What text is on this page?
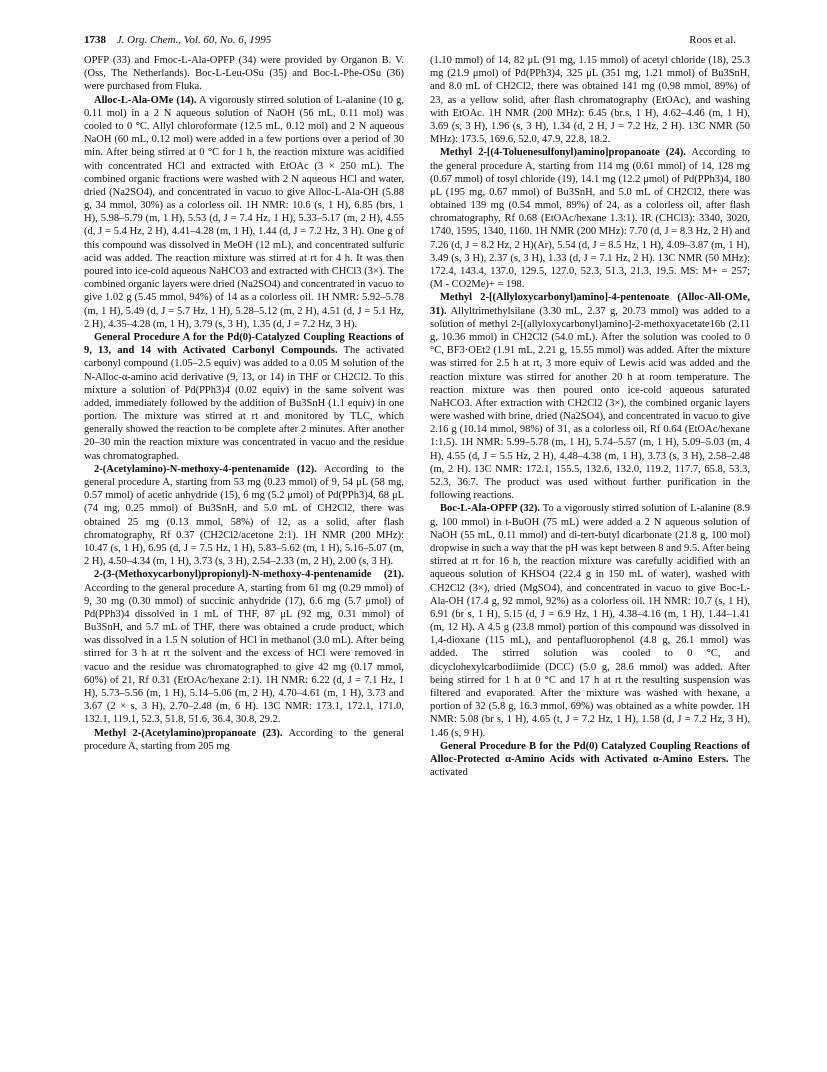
1738 J. Org. Chem., Vol. 60, No. 6, 1995	Roos et al.

OPFP (33) and Fmoc-L-Ala-OPFP (34) were provided by Organon B. V. (Oss, The Netherlands). Boc-L-Leu-OSu (35) and Boc-L-Phe-OSu (36) were purchased from Fluka.

Alloc-L-Ala-OMe (14). A vigorously stirred solution of L-alanine (10 g, 0.11 mol) in a 2 N aqueous solution of NaOH (56 mL, 0.11 mol) was cooled to 0 °C. Allyl chloroformate (12.5 mL, 0.12 mol) and 2 N aqueous NaOH (60 mL, 0.12 mol) were added in a few portions over a period of 30 min. After being stirred at 0 °C for 1 h, the reaction mixture was acidified with concentrated HCl and extracted with EtOAc (3 × 250 mL). The combined organic fractions were washed with 2 N aqueous HCl and water, dried (Na2SO4), and concentrated in vacuo to give Alloc-L-Ala-OH (5.88 g, 34 mmol, 30%) as a colorless oil. 1H NMR: 10.6 (s, 1 H), 6.85 (brs, 1 H), 5.98–5.79 (m, 1 H), 5.53 (d, J = 7.4 Hz, 1 H), 5.33–5.17 (m, 2 H), 4.55 (d, J = 5.4 Hz, 2 H), 4.41–4.28 (m, 1 H), 1.44 (d, J = 7.2 Hz, 3 H). One g of this compound was dissolved in MeOH (12 mL), and concentrated sulfuric acid was added. The reaction mixture was stirred at rt for 4 h. It was then poured into ice-cold aqueous NaHCO3 and extracted with CHCl3 (3×). The combined organic layers were dried (Na2SO4) and concentrated in vacuo to give 1.02 g (5.45 mmol, 94%) of 14 as a colorless oil. 1H NMR: 5.92–5.78 (m, 1 H), 5.49 (d, J = 5.7 Hz, 1 H), 5.28–5.12 (m, 2 H), 4.51 (d, J = 5.1 Hz, 2 H), 4.35–4.28 (m, 1 H), 3.79 (s, 3 H), 1.35 (d, J = 7.2 Hz, 3 H).

General Procedure A for the Pd(0)-Catalyzed Coupling Reactions of 9, 13, and 14 with Activated Carbonyl Compounds. The activated carbonyl compound (1.05–2.5 equiv) was added to a 0.05 M solution of the N-Alloc-α-amino acid derivative (9, 13, or 14) in THF or CH2Cl2. To this mixture a solution of Pd(PPh3)4 (0.02 equiv) in the same solvent was added, immediately followed by the addition of Bu3SnH (1.1 equiv) in one portion. The mixture was stirred at rt and monitored by TLC, which generally showed the reaction to be complete after 2 minutes. After another 20–30 min the reaction mixture was concentrated in vacuo and the residue was chromatographed.

2-(Acetylamino)-N-methoxy-4-pentenamide (12). According to the general procedure A, starting from 53 mg (0.23 mmol) of 9, 54 μL (58 mg, 0.57 mmol) of acetic anhydride (15), 6 mg (5.2 μmol) of Pd(PPh3)4, 68 μL (74 mg, 0.25 mmol) of Bu3SnH, and 5.0 mL of CH2Cl2, there was obtained 25 mg (0.13 mmol, 58%) of 12, as a solid, after flash chromatography, Rf 0.37 (CH2Cl2/acetone 2:1). 1H NMR (200 MHz): 10.47 (s, 1 H), 6.95 (d, J = 7.5 Hz, 1 H), 5.83–5.62 (m, 1 H), 5.16–5.07 (m, 2 H), 4.50–4.34 (m, 1 H), 3.73 (s, 3 H), 2.54–2.33 (m, 2 H), 2.00 (s, 3 H).

2-(3-(Methoxycarbonyl)propionyl)-N-methoxy-4-pentenamide (21). According to the general procedure A, starting from 61 mg (0.29 mmol) of 9, 30 mg (0.30 mmol) of succinic anhydride (17), 6.6 mg (5.7 μmol) of Pd(PPh3)4 dissolved in 1 mL of THF, 87 μL (92 mg, 0.31 mmol) of Bu3SnH, and 5.7 mL of THF, there was obtained a crude product, which was dissolved in a 1.5 N solution of HCl in methanol (3.0 mL). After being stirred for 3 h at rt the solvent and the excess of HCl were removed in vacuo and the residue was chromatographed to give 42 mg (0.17 mmol, 60%) of 21, Rf 0.31 (EtOAc/hexane 2:1). 1H NMR: 6.22 (d, J = 7.1 Hz, 1 H), 5.73–5.56 (m, 1 H), 5.14–5.06 (m, 2 H), 4.70–4.61 (m, 1 H), 3.73 and 3.67 (2 × s, 3 H), 2.70–2.48 (m, 6 H). 13C NMR: 173.1, 172.1, 171.0, 132.1, 119.1, 52.3, 51.8, 51.6, 36.4, 30.8, 29.2.

Methyl 2-(Acetylamino)propanoate (23). According to the general procedure A, starting from 205 mg

(1.10 mmol) of 14, 82 μL (91 mg, 1.15 mmol) of acetyl chloride (18), 25.3 mg (21.9 μmol) of Pd(PPh3)4, 325 μL (351 mg, 1.21 mmol) of Bu3SnH, and 8.0 mL of CH2Cl2, there was obtained 141 mg (0.98 mmol, 89%) of 23, as a yellow solid, after flash chromatography (EtOAc), and washing with EtOAc. 1H NMR (200 MHz): 6.45 (br.s, 1 H), 4.62–4.46 (m, 1 H), 3.69 (s, 3 H), 1.96 (s, 3 H), 1.34 (d, 2 H, J = 7.2 Hz, 2 H). 13C NMR (50 MHz): 173.5, 169.6, 52.0, 47.9, 22.8, 18.2.

Methyl 2-[(4-Toluenesulfonyl)amino]propanoate (24). According to the general procedure A, starting from 114 mg (0.61 mmol) of 14, 128 mg (0.67 mmol) of tosyl chloride (19), 14.1 mg (12.2 μmol) of Pd(PPh3)4, 180 μL (195 mg, 0.67 mmol) of Bu3SnH, and 5.0 mL of CH2Cl2, there was obtained 139 mg (0.54 mmol, 89%) of 24, as a colorless oil, after flash chromatography, Rf 0.68 (EtOAc/hexane 1.3:1). IR (CHCl3): 3340, 3020, 1740, 1595, 1340, 1160. 1H NMR (200 MHz): 7.70 (d, J = 8.3 Hz, 2 H) and 7.26 (d, J = 8.2 Hz, 2 H)(Ar), 5.54 (d, J = 8.5 Hz, 1 H), 4.09–3.87 (m, 1 H), 3.49 (s, 3 H), 2.37 (s, 3 H), 1.33 (d, J = 7.1 Hz, 2 H). 13C NMR (50 MHz): 172.4, 143.4, 137.0, 129.5, 127.0, 52.3, 51.3, 21.3, 19.5. MS: M+ = 257; (M - CO2Me)+ = 198.

Methyl 2-[(Allyloxycarbonyl)amino]-4-pentenoate (Alloc-All-OMe, 31). Allyltrimethylsilane (3.30 mL, 2.37 g, 20.73 mmol) was added to a solution of methyl 2-[(allyloxycarbonyl)amino]-2-methoxyacetate16b (2.11 g, 10.36 mmol) in CH2Cl2 (54.0 mL). After the solution was cooled to 0 °C, BF3·OEt2 (1.91 mL, 2.21 g, 15.55 mmol) was added. After the mixture was stirred for 2.5 h at rt, 3 more equiv of Lewis acid was added and the reaction mixture was stirred for another 20 h at room temperature. The reaction mixture was then poured onto ice-cold aqueous saturated NaHCO3. After extraction with CH2Cl2 (3×), the combined organic layers were washed with brine, dried (Na2SO4), and concentrated in vacuo to give 2.16 g (10.14 mmol, 98%) of 31, as a colorless oil, Rf 0.64 (EtOAc/hexane 1:1.5). 1H NMR: 5.99–5.78 (m, 1 H), 5.74–5.57 (m, 1 H), 5.09–5.03 (m, 4 H), 4.55 (d, J = 5.5 Hz, 2 H), 4.48–4.38 (m, 1 H), 3.73 (s, 3 H), 2.58–2.48 (m, 2 H). 13C NMR: 172.1, 155.5, 132.6, 132.0, 119.2, 117.7, 65.8, 53.3, 52.3, 36.7. The product was used without further purification in the following reactions.

Boc-L-Ala-OPFP (32). To a vigorously stirred solution of L-alanine (8.9 g, 100 mmol) in t-BuOH (75 mL) were added a 2 N aqueous solution of NaOH (55 mL, 0.11 mmol) and di-tert-butyl dicarbonate (21.8 g, 100 mol) dropwise in such a way that the pH was kept between 8 and 9.5. After being stirred at rt for 16 h, the reaction mixture was carefully acidified with an aqueous solution of KHSO4 (22.4 g in 150 mL of water), washed with CH2Cl2 (3×), dried (MgSO4), and concentrated in vacuo to give Boc-L-Ala-OH (17.4 g, 92 mmol, 92%) as a colorless oil. 1H NMR: 10.7 (s, 1 H), 6.91 (br s, 1 H), 5.15 (d, J = 6.9 Hz, 1 H), 4.38–4.16 (m, 1 H), 1.44–1.41 (m, 12 H). A 4.5 g (23.8 mmol) portion of this compound was dissolved in 1,4-dioxane (115 mL), and pentafluorophenol (4.8 g, 26.1 mmol) was added. The stirred solution was cooled to 0 °C, and dicyclohexylcarbodiimide (DCC) (5.0 g, 28.6 mmol) was added. After being stirred for 1 h at 0 °C and 17 h at rt the resulting suspension was filtered and evaporated. After the mixture was washed with hexane, a portion of 32 (5.8 g, 16.3 mmol, 69%) was obtained as a white powder. 1H NMR: 5.08 (br s, 1 H), 4.65 (t, J = 7.2 Hz, 1 H), 1.58 (d, J = 7.2 Hz, 3 H), 1.46 (s, 9 H).

General Procedure B for the Pd(0) Catalyzed Coupling Reactions of Alloc-Protected α-Amino Acids with Activated α-Amino Esters. The activated
